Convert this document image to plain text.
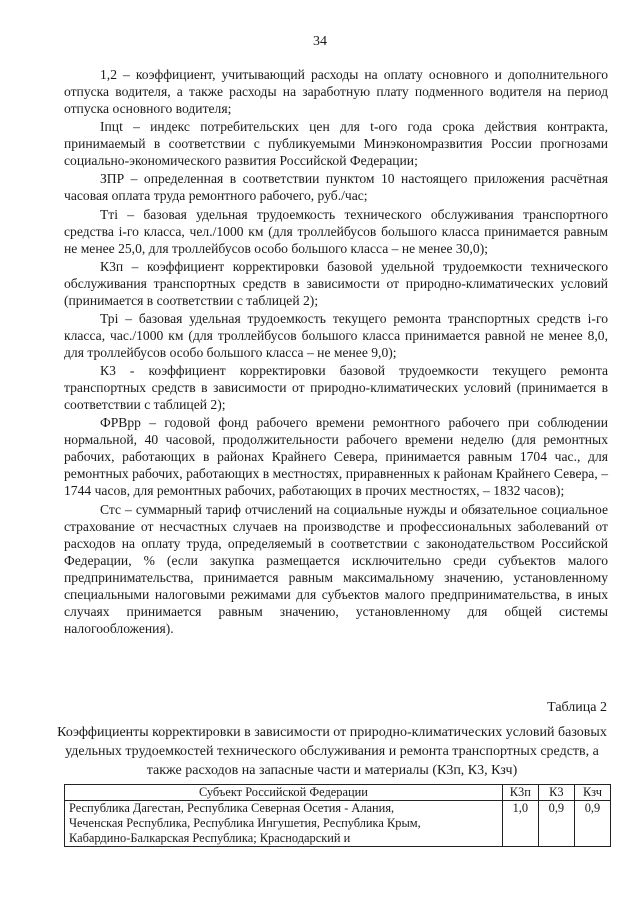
34

1,2 – коэффициент, учитывающий расходы на оплату основного и дополнительного отпуска водителя, а также расходы на заработную плату подменного водителя на период отпуска основного водителя;

Iпцt – индекс потребительских цен для t-ого года срока действия контракта, принимаемый в соответствии с публикуемыми Минэкономразвития России прогнозами социально-экономического развития Российской Федерации;

ЗПР – определенная в соответствии пунктом 10 настоящего приложения расчётная часовая оплата труда ремонтного рабочего, руб./час;

Ттi – базовая удельная трудоемкость технического обслуживания транспортного средства i-го класса, чел./1000 км (для троллейбусов большого класса принимается равным не менее 25,0, для троллейбусов особо большого класса – не менее 30,0);

К3п – коэффициент корректировки базовой удельной трудоемкости технического обслуживания транспортных средств в зависимости от природно-климатических условий (принимается в соответствии с таблицей 2);

Трi – базовая удельная трудоемкость текущего ремонта транспортных средств i-го класса, час./1000 км (для троллейбусов большого класса принимается равной не менее 8,0, для троллейбусов особо большого класса – не менее 9,0);

К3 - коэффициент корректировки базовой трудоемкости текущего ремонта транспортных средств в зависимости от природно-климатических условий (принимается в соответствии с таблицей 2);

ФРВрр – годовой фонд рабочего времени ремонтного рабочего при соблюдении нормальной, 40 часовой, продолжительности рабочего времени неделю (для ремонтных рабочих, работающих в районах Крайнего Севера, принимается равным 1704 час., для ремонтных рабочих, работающих в местностях, приравненных к районам Крайнего Севера, – 1744 часов, для ремонтных рабочих, работающих в прочих местностях, – 1832 часов);

Стс – суммарный тариф отчислений на социальные нужды и обязательное социальное страхование от несчастных случаев на производстве и профессиональных заболеваний от расходов на оплату труда, определяемый в соответствии с законодательством Российской Федерации, % (если закупка размещается исключительно среди субъектов малого предпринимательства, принимается равным максимальному значению, установленному специальными налоговыми режимами для субъектов малого предпринимательства, в иных случаях принимается равным значению, установленному для общей системы налогообложения).

Таблица 2
Коэффициенты корректировки в зависимости от природно-климатических условий базовых удельных трудоемкостей технического обслуживания и ремонта транспортных средств, а также расходов на запасные части и материалы (К3п, К3, Кзч)
Субъект Российской Федерации	К3п	К3	Кзч

Республика Дагестан, Республика Северная Осетия - Алания,
Чеченская Республика, Республика Ингушетия, Республика Крым,
Кабардино-Балкарская Республика; Краснодарский и	1,0	0,9	0,9
